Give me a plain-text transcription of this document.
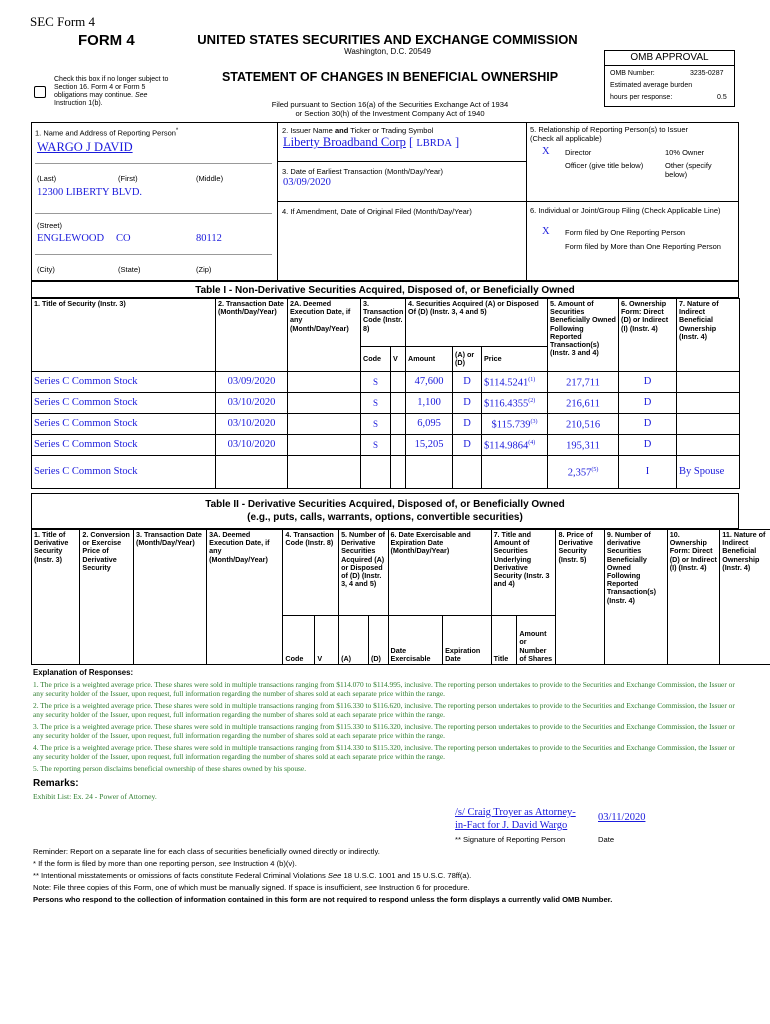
SEC Form 4
FORM 4	UNITED STATES SECURITIES AND EXCHANGE COMMISSION
Washington, D.C. 20549
Check this box if no longer subject to Section 16. Form 4 or Form 5 obligations may continue. See Instruction 1(b).
STATEMENT OF CHANGES IN BENEFICIAL OWNERSHIP
Filed pursuant to Section 16(a) of the Securities Exchange Act of 1934
or Section 30(h) of the Investment Company Act of 1940
OMB APPROVAL
OMB Number:	3235-0287
Estimated average burden
hours per response:	0.5
1. Name and Address of Reporting Person*
WARGO J DAVID
(Last)	(First)	(Middle)
12300 LIBERTY BLVD.
(Street)
ENGLEWOOD CO	80112
(City)	(State)	(Zip)
2. Issuer Name and Ticker or Trading Symbol
Liberty Broadband Corp [ LBRDA ]
3. Date of Earliest Transaction (Month/Day/Year)
03/09/2020
4. If Amendment, Date of Original Filed (Month/Day/Year)
5. Relationship of Reporting Person(s) to Issuer
(Check all applicable)
X Director	10% Owner
Officer (give title below)	Other (specify below)
6. Individual or Joint/Group Filing (Check Applicable Line)
X Form filed by One Reporting Person
Form filed by More than One Reporting Person
Table I - Non-Derivative Securities Acquired, Disposed of, or Beneficially Owned
1. Title of Security (Instr. 3)	2. Transaction Date (Month/Day/Year)	2A. Deemed Execution Date, if any (Month/Day/Year)	3. Transaction Code (Instr. 8)		4. Securities Acquired (A) or Disposed Of (D) (Instr. 3, 4 and 5)			5. Amount of Securities Beneficially Owned Following Reported Transaction(s) (Instr. 3 and 4)	6. Ownership Form: Direct (D) or Indirect (I) (Instr. 4)	7. Nature of Indirect Beneficial Ownership (Instr. 4)
			Code	V	Amount	(A) or (D)	Price			
Series C Common Stock	03/09/2020		S		47,600	D	$114.5241$^{(1)}$	217,711	D	
Series C Common Stock	03/10/2020		S		1,100	D	$116.4355$^{(2)}$	216,611	D	
Series C Common Stock	03/10/2020		S		6,095	D	$115.739$^{(3)}$	210,516	D	
Series C Common Stock	03/10/2020		S		15,205	D	$114.9864$^{(4)}$	195,311	D	
Series C Common Stock								2,357$^{(5)}$	I	By Spouse
Table II - Derivative Securities Acquired, Disposed of, or Beneficially Owned
(e.g., puts, calls, warrants, options, convertible securities)
1. Title of Derivative Security (Instr. 3)	2. Conversion or Exercise Price of Derivative Security	3. Transaction Date (Month/Day/Year)	3A. Deemed Execution Date, if any (Month/Day/Year)	4. Transaction Code (Instr. 8)		5. Number of Derivative Securities Acquired (A) or Disposed of (D) (Instr. 3, 4 and 5)		6. Date Exercisable and Expiration Date (Month/Day/Year)		7. Title and Amount of Securities Underlying Derivative Security (Instr. 3 and 4)		8. Price of Derivative Security (Instr. 5)	9. Number of derivative Securities Beneficially Owned Following Reported Transaction(s) (Instr. 4)	10. Ownership Form: Direct (D) or Indirect (I) (Instr. 4)	11. Nature of Indirect Beneficial Ownership (Instr. 4)
				Code	V	(A)	(D)	Date Exercisable	Expiration Date	Title	Amount or Number of Shares				
Explanation of Responses:
1. The price is a weighted average price. These shares were sold in multiple transactions ranging from $114.070 to $114.995, inclusive. The reporting person undertakes to provide to the Securities and Exchange Commission, the Issuer or any security holder of the Issuer, upon request, full information regarding the number of shares sold at each separate price within the range.
2. The price is a weighted average price. These shares were sold in multiple transactions ranging from $116.330 to $116.620, inclusive. The reporting person undertakes to provide to the Securities and Exchange Commission, the Issuer or any security holder of the Issuer, upon request, full information regarding the number of shares sold at each separate price within the range.
3. The price is a weighted average price. These shares were sold in multiple transactions ranging from $115.330 to $116.320, inclusive. The reporting person undertakes to provide to the Securities and Exchange Commission, the Issuer or any security holder of the Issuer, upon request, full information regarding the number of shares sold at each separate price within the range.
4. The price is a weighted average price. These shares were sold in multiple transactions ranging from $114.330 to $115.320, inclusive. The reporting person undertakes to provide to the Securities and Exchange Commission, the Issuer or any security holder of the Issuer, upon request, full information regarding the number of shares sold at each separate price within the range.
5. The reporting person disclaims beneficial ownership of these shares owned by his spouse.
Remarks:
Exhibit List: Ex. 24 - Power of Attorney.
/s/ Craig Troyer as Attorney-
in-Fact for J. David Wargo
03/11/2020
** Signature of Reporting Person	Date
Reminder: Report on a separate line for each class of securities beneficially owned directly or indirectly.
* If the form is filed by more than one reporting person, see Instruction 4 (b)(v).
** Intentional misstatements or omissions of facts constitute Federal Criminal Violations See 18 U.S.C. 1001 and 15 U.S.C. 78ff(a).
Note: File three copies of this Form, one of which must be manually signed. If space is insufficient, see Instruction 6 for procedure.
Persons who respond to the collection of information contained in this form are not required to respond unless the form displays a currently valid OMB Number.
